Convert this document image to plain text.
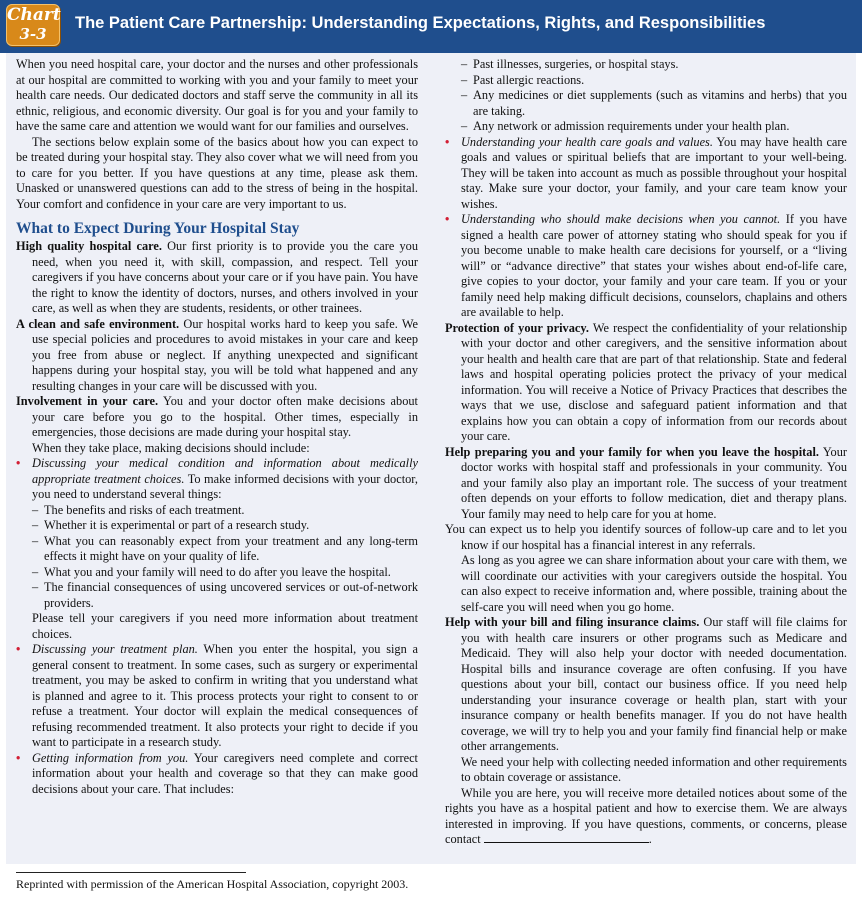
Chart
3-3
The Patient Care Partnership: Understanding Expectations, Rights, and Responsibilities

When you need hospital care, your doctor and the nurses and other professionals at our hospital are committed to working with you and your family to meet your health care needs. Our dedicated doctors and staff serve the community in all its ethnic, religious, and economic diversity. Our goal is for you and your family to have the same care and attention we would want for our families and ourselves.

The sections below explain some of the basics about how you can expect to be treated during your hospital stay. They also cover what we will need from you to care for you better. If you have questions at any time, please ask them. Unasked or unanswered questions can add to the stress of being in the hospital. Your comfort and confidence in your care are very important to us.

What to Expect During Your Hospital Stay

High quality hospital care. Our first priority is to provide you the care you need, when you need it, with skill, compassion, and respect. Tell your caregivers if you have concerns about your care or if you have pain. You have the right to know the identity of doctors, nurses, and others involved in your care, as well as when they are students, residents, or other trainees.

A clean and safe environment. Our hospital works hard to keep you safe. We use special policies and procedures to avoid mistakes in your care and keep you free from abuse or neglect. If anything unexpected and significant happens during your hospital stay, you will be told what happened and any resulting changes in your care will be discussed with you.

Involvement in your care. You and your doctor often make decisions about your care before you go to the hospital. Other times, especially in emergencies, those decisions are made during your hospital stay.

When they take place, making decisions should include:

• Discussing your medical condition and information about medically appropriate treatment choices. To make informed decisions with your doctor, you need to understand several things:

– The benefits and risks of each treatment.

– Whether it is experimental or part of a research study.

– What you can reasonably expect from your treatment and any long-term effects it might have on your quality of life.

– What you and your family will need to do after you leave the hospital.

– The financial consequences of using uncovered services or out-of-network providers.

Please tell your caregivers if you need more information about treatment choices.

• Discussing your treatment plan. When you enter the hospital, you sign a general consent to treatment. In some cases, such as surgery or experimental treatment, you may be asked to confirm in writing that you understand what is planned and agree to it. This process protects your right to consent to or refuse a treatment. Your doctor will explain the medical consequences of refusing recommended treatment. It also protects your right to decide if you want to participate in a research study.

• Getting information from you. Your caregivers need complete and correct information about your health and coverage so that they can make good decisions about your care. That includes:

– Past illnesses, surgeries, or hospital stays.

– Past allergic reactions.

– Any medicines or diet supplements (such as vitamins and herbs) that you are taking.

– Any network or admission requirements under your health plan.

• Understanding your health care goals and values. You may have health care goals and values or spiritual beliefs that are important to your well-being. They will be taken into account as much as possible throughout your hospital stay. Make sure your doctor, your family, and your care team know your wishes.

• Understanding who should make decisions when you cannot. If you have signed a health care power of attorney stating who should speak for you if you become unable to make health care decisions for yourself, or a “living will” or “advance directive” that states your wishes about end-of-life care, give copies to your doctor, your family and your care team. If you or your family need help making difficult decisions, counselors, chaplains and others are available to help.

Protection of your privacy. We respect the confidentiality of your relationship with your doctor and other caregivers, and the sensitive information about your health and health care that are part of that relationship. State and federal laws and hospital operating policies protect the privacy of your medical information. You will receive a Notice of Privacy Practices that describes the ways that we use, disclose and safeguard patient information and that explains how you can obtain a copy of information from our records about your care.

Help preparing you and your family for when you leave the hospital. Your doctor works with hospital staff and professionals in your community. You and your family also play an important role. The success of your treatment often depends on your efforts to follow medication, diet and therapy plans. Your family may need to help care for you at home.

You can expect us to help you identify sources of follow-up care and to let you know if our hospital has a financial interest in any referrals.

As long as you agree we can share information about your care with them, we will coordinate our activities with your caregivers outside the hospital. You can also expect to receive information and, where possible, training about the self-care you will need when you go home.

Help with your bill and filing insurance claims. Our staff will file claims for you with health care insurers or other programs such as Medicare and Medicaid. They will also help your doctor with needed documentation. Hospital bills and insurance coverage are often confusing. If you have questions about your bill, contact our business office. If you need help understanding your insurance coverage or health plan, start with your insurance company or health benefits manager. If you do not have health coverage, we will try to help you and your family find financial help or make other arrangements.

We need your help with collecting needed information and other requirements to obtain coverage or assistance.

While you are here, you will receive more detailed notices about some of the rights you have as a hospital patient and how to exercise them. We are always interested in improving. If you have questions, comments, or concerns, please contact	.

Reprinted with permission of the American Hospital Association, copyright 2003.
